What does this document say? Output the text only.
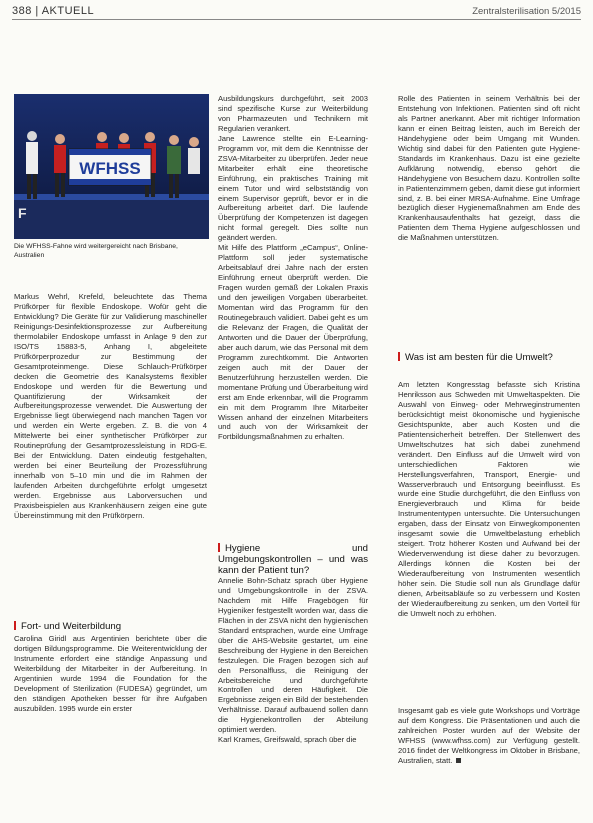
388 | AKTUELL	Zentralsterilisation 5/2015
WFHSS
F
Die WFHSS-Fahne wird weitergereicht nach Brisbane, Australien

Markus Wehrl, Krefeld, beleuchtete das Thema Prüfkörper für flexible Endoskope. Wofür geht die Entwicklung? Die Geräte für zur Validierung maschineller Reinigungs-Desinfektionsprozesse zur Aufbereitung thermolabiler Endoskope umfasst in Anlage 9 den zur ISO/TS 15883-5, Anhang I, abgeleitete Prüfkörperprozedur zur Bestimmung der Gesamtproteinmenge. Diese Schlauch-Prüfkörper decken die Geometrie des Kanalsystems flexibler Endoskope und werden für die Bewertung und Quantifizierung der Wirksamkeit der Aufbereitungsprozesse verwendet. Die Auswertung der Ergebnisse liegt überwiegend nach manchen Tagen vor und werden ein Werte ergeben. Z. B. die von 4 Mittelwerte bei einer synthetischer Prüfkörper zur Routineprüfung der Gesamtprozessleistung in RDG-E. Bei der Entwicklung. Daten eindeutig festgehalten, werden bei einer Beurteilung der Prozessführung innerhalb von 5–10 min und die im Rahmen der laufenden Arbeiten durchgeführte erfolgt umgesetzt werden. Ergebnisse aus Laborversuchen und Praxisbeispielen aus Krankenhäusern zeigen eine gute Übereinstimmung mit den Prüfkörpern.

Fort- und Weiterbildung

Carolina Giridl aus Argentinien berichtete über die dortigen Bildungsprogramme. Die Weiterentwicklung der Instrumente erfordert eine ständige Anpassung und Weiterbildung der Mitarbeiter in der Aufbereitung. In Argentinien wurde 1994 die Foundation for the Development of Sterilization (FUDESA) gegründet, um den ständigen Apotheken besser für ihre Aufgaben auszubilden. 1995 wurde ein erster

Ausbildungskurs durchgeführt, seit 2003 sind spezifische Kurse zur Weiterbildung von Pharmazeuten und Technikern mit Regularien verankert.

Jane Lawrence stellte ein E-Learning-Programm vor, mit dem die Kenntnisse der ZSVA-Mitarbeiter zu überprüfen. Jeder neue Mitarbeiter erhält eine theoretische Einführung, ein praktisches Training mit einem Tutor und wird selbstständig von einem Supervisor geprüft, bevor er in die Aufbereitung arbeitet darf. Die laufende Überprüfung der Kompetenzen ist dagegen nicht formal geregelt. Dies sollte nun geändert werden.

Mit Hilfe des Plattform „eCampus“, Online-Plattform soll jeder systematische Arbeitsablauf drei Jahre nach der ersten Einführung erneut überprüft werden. Die Fragen wurden gemäß der Lokalen Praxis und den jeweiligen Vorgaben überarbeitet. Momentan wird das Programm für den Routinegebrauch validiert. Dabei geht es um die Relevanz der Fragen, die Qualität der Antworten und die Dauer der Überprüfung, aber auch darum, wie das Personal mit dem Programm zurechtkommt. Die Antworten zeigen auch mit der Dauer der Benutzerführung herzustellen werden. Die momentane Prüfung und Überarbeitung wird erst am Ende erkennbar, will die Programm ein mit dem Programm Ihre Mitarbeiter Wissen anhand der einzelnen Mitarbeiters und auch von der Wirksamkeit der Fortbildungsmaßnahmen zu erhalten.

Hygiene und Umgebungskontrollen – und was kann der Patient tun?

Annelie Bohn-Schatz sprach über Hygiene und Umgebungskontrolle in der ZSVA. Nachdem mit Hilfe Fragebögen für Hygieniker festgestellt worden war, dass die Flächen in der ZSVA nicht den hygienischen Standard entsprachen, wurde eine Umfrage über die AHS-Website gestartet, um eine Beschreibung der Hygiene in den Bereichen festzulegen. Die Fragen bezogen sich auf den Personalfluss, die Reinigung der Arbeitsbereiche und durchgeführte Kontrollen und deren Häufigkeit. Die Ergebnisse zeigen ein Bild der bestehenden Verhältnisse. Darauf aufbauend sollen dann die Hygienekontrollen der Abteilung optimiert werden.

Karl Krames, Greifswald, sprach über die

Rolle des Patienten in seinem Verhältnis bei der Entstehung von Infektionen. Patienten sind oft nicht als Partner anerkannt. Aber mit richtiger Information kann er einen Beitrag leisten, auch im Bereich der Händehygiene oder beim Umgang mit Wunden. Wichtig sind dabei für den Patienten gute Hygiene-Standards im Krankenhaus. Dazu ist eine gezielte Aufklärung notwendig, ebenso gehört die Händehygiene von Besuchern dazu. Kontrollen sollte in Patientenzimmern geben, damit diese gut informiert sind, z. B. bei einer MRSA-Aufnahme. Eine Umfrage bezüglich dieser Hygienemaßnahmen am Ende des Krankenhausaufenthalts hat gezeigt, dass die Patienten dem Thema Hygiene aufgeschlossen und die Maßnahmen unterstützen.

Was ist am besten für die Umwelt?

Am letzten Kongresstag befasste sich Kristina Henriksson aus Schweden mit Umweltaspekten. Die Auswahl von Einweg- oder Mehrweginstrumenten berücksichtigt meist ökonomische und hygienische Gesichtspunkte, aber auch Kosten und die Patientensicherheit betreffen. Der Stellenwert des Umweltschutzes hat sich dabei zunehmend verändert. Den Einfluss auf die Umwelt wird von unterschiedlichen Faktoren wie Herstellungsverfahren, Transport, Energie- und Wasserverbrauch und Entsorgung beeinflusst. Es wurde eine Studie durchgeführt, die den Einfluss von Energieverbrauch und Klima für beide Instrumententypen untersuchte. Die Untersuchungen ergaben, dass der Einsatz von Einwegkomponenten insgesamt sowie die Umweltbelastung erheblich steigert. Trotz höherer Kosten und Aufwand bei der Wiederverwendung ist diese daher zu bevorzugen. Allerdings können die Kosten bei der Wiederaufbereitung von Instrumenten wesentlich höher sein. Die Studie soll nun als Grundlage dafür dienen, Arbeitsabläufe so zu verbessern und Kosten der Wiederaufbereitung zu senken, um den Vorteil für die Umwelt noch zu erhöhen.

Insgesamt gab es viele gute Workshops und Vorträge auf dem Kongress. Die Präsentationen und auch die zahlreichen Poster wurden auf der Website der WFHSS (www.wfhss.com) zur Verfügung gestellt. 2016 findet der Weltkongress im Oktober in Brisbane, Australien, statt.
